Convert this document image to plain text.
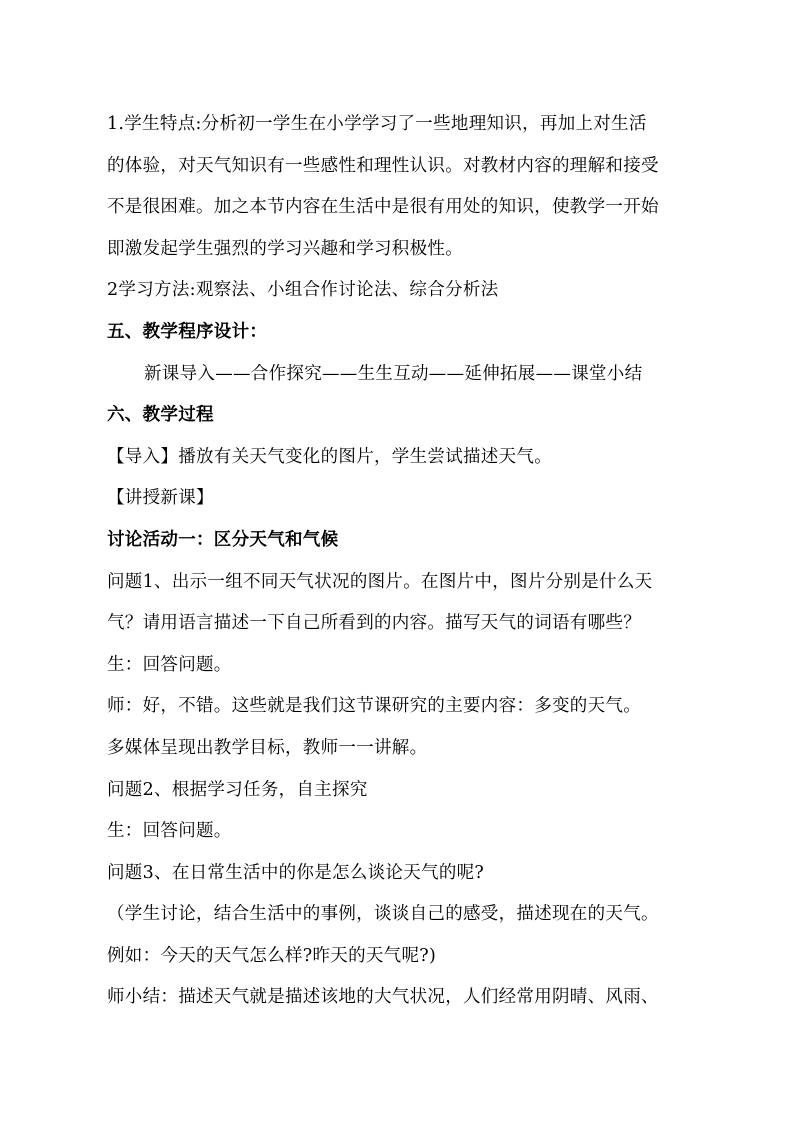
1.学生特点:分析初一学生在小学学习了一些地理知识，再加上对生活
的体验，对天气知识有一些感性和理性认识。对教材内容的理解和接受
不是很困难。加之本节内容在生活中是很有用处的知识，使教学一开始
即激发起学生强烈的学习兴趣和学习积极性。
2学习方法:观察法、小组合作讨论法、综合分析法
五、教学程序设计：
新课导入——合作探究——生生互动——延伸拓展——课堂小结
六、教学过程
【导入】播放有关天气变化的图片，学生尝试描述天气。
【讲授新课】
讨论活动一：区分天气和气候
问题1、出示一组不同天气状况的图片。在图片中，图片分别是什么天
气？请用语言描述一下自己所看到的内容。描写天气的词语有哪些？
生：回答问题。
师：好，不错。这些就是我们这节课研究的主要内容：多变的天气。
多媒体呈现出教学目标，教师一一讲解。
问题2、根据学习任务，自主探究
生：回答问题。
问题3、在日常生活中的你是怎么谈论天气的呢?
（学生讨论，结合生活中的事例，谈谈自己的感受，描述现在的天气。
例如：今天的天气怎么样?昨天的天气呢?)
师小结：描述天气就是描述该地的大气状况，人们经常用阴晴、风雨、
